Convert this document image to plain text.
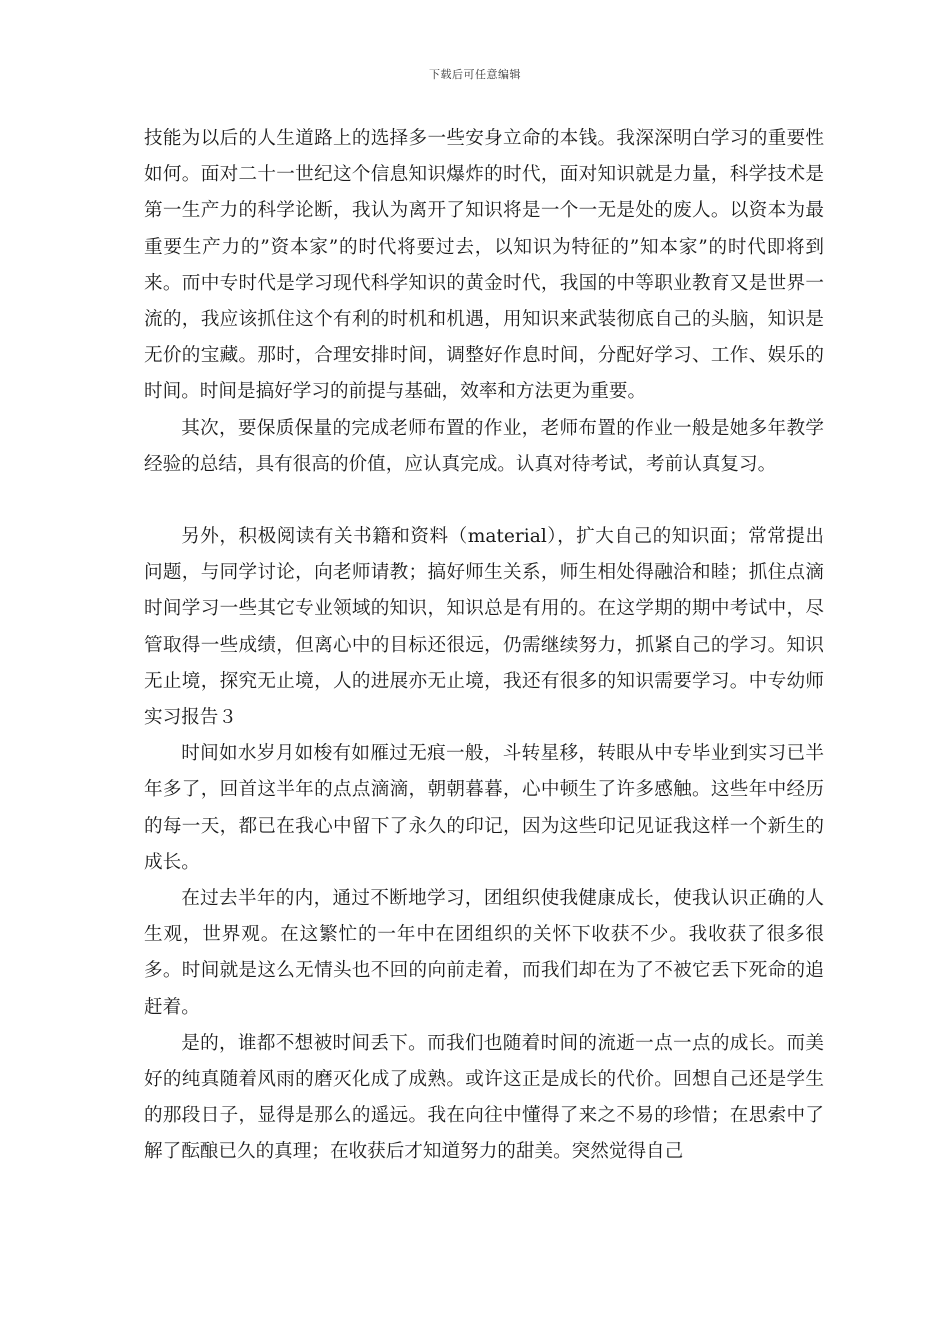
下载后可任意编辑

技能为以后的人生道路上的选择多一些安身立命的本钱。我深深明白学习的重要性如何。面对二十一世纪这个信息知识爆炸的时代，面对知识就是力量，科学技术是第一生产力的科学论断，我认为离开了知识将是一个一无是处的废人。以资本为最重要生产力的”资本家”的时代将要过去，以知识为特征的”知本家”的时代即将到来。而中专时代是学习现代科学知识的黄金时代，我国的中等职业教育又是世界一流的，我应该抓住这个有利的时机和机遇，用知识来武装彻底自己的头脑，知识是无价的宝藏。那时，合理安排时间，调整好作息时间，分配好学习、工作、娱乐的时间。时间是搞好学习的前提与基础，效率和方法更为重要。

其次，要保质保量的完成老师布置的作业，老师布置的作业一般是她多年教学经验的总结，具有很高的价值，应认真完成。认真对待考试，考前认真复习。

另外，积极阅读有关书籍和资料（material），扩大自己的知识面；常常提出问题，与同学讨论，向老师请教；搞好师生关系，师生相处得融洽和睦；抓住点滴时间学习一些其它专业领域的知识，知识总是有用的。在这学期的期中考试中，尽管取得一些成绩，但离心中的目标还很远，仍需继续努力，抓紧自己的学习。知识无止境，探究无止境，人的进展亦无止境，我还有很多的知识需要学习。中专幼师实习报告３

时间如水岁月如梭有如雁过无痕一般，斗转星移，转眼从中专毕业到实习已半年多了，回首这半年的点点滴滴，朝朝暮暮，心中顿生了许多感触。这些年中经历的每一天，都已在我心中留下了永久的印记，因为这些印记见证我这样一个新生的成长。

在过去半年的内，通过不断地学习，团组织使我健康成长，使我认识正确的人生观，世界观。在这繁忙的一年中在团组织的关怀下收获不少。我收获了很多很多。时间就是这么无情头也不回的向前走着，而我们却在为了不被它丢下死命的追赶着。

是的，谁都不想被时间丢下。而我们也随着时间的流逝一点一点的成长。而美好的纯真随着风雨的磨灭化成了成熟。或许这正是成长的代价。回想自己还是学生的那段日子，显得是那么的遥远。我在向往中懂得了来之不易的珍惜；在思索中了解了酝酿已久的真理；在收获后才知道努力的甜美。突然觉得自己
